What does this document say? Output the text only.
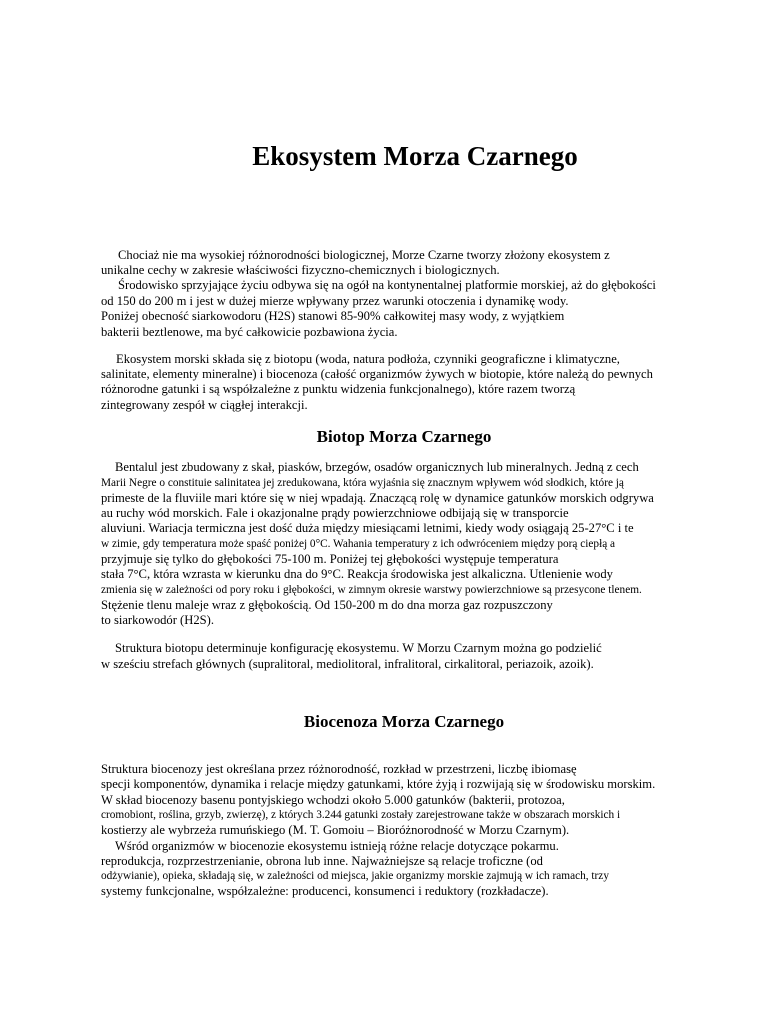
Ekosystem Morza Czarnego
Chociaż nie ma wysokiej różnorodności biologicznej, Morze Czarne tworzy złożony ekosystem z
unikalne cechy w zakresie właściwości fizyczno-chemicznych i biologicznych.
Środowisko sprzyjające życiu odbywa się na ogół na kontynentalnej platformie morskiej, aż do głębokości
od 150 do 200 m i jest w dużej mierze wpływany przez warunki otoczenia i dynamikę wody.
Poniżej obecność siarkowodoru (H2S) stanowi 85-90% całkowitej masy wody, z wyjątkiem
bakterii beztlenowe, ma być całkowicie pozbawiona życia.
Ekosystem morski składa się z biotopu (woda, natura podłoża, czynniki geograficzne i klimatyczne,
salinitate, elementy mineralne) i biocenoza (całość organizmów żywych w biotopie, które należą do pewnych
różnorodne gatunki i są współzależne z punktu widzenia funkcjonalnego), które razem tworzą
zintegrowany zespół w ciągłej interakcji.
Biotop Morza Czarnego
Bentalul jest zbudowany z skał, piasków, brzegów, osadów organicznych lub mineralnych. Jedną z cech
Marii Negre o constituie salinitatea jej zredukowana, która wyjaśnia się znacznym wpływem wód słodkich, które ją
primeste de la fluviile mari które się w niej wpadają. Znaczącą rolę w dynamice gatunków morskich odgrywa
au ruchy wód morskich. Fale i okazjonalne prądy powierzchniowe odbijają się w transporcie
aluviuni. Wariacja termiczna jest dość duża między miesiącami letnimi, kiedy wody osiągają 25-27°C i te
w zimie, gdy temperatura może spaść poniżej 0°C. Wahania temperatury z ich odwróceniem między porą ciepłą a
przyjmuje się tylko do głębokości 75-100 m. Poniżej tej głębokości występuje temperatura
stała 7°C, która wzrasta w kierunku dna do 9°C. Reakcja środowiska jest alkaliczna. Utlenienie wody
zmienia się w zależności od pory roku i głębokości, w zimnym okresie warstwy powierzchniowe są przesycone tlenem.
Stężenie tlenu maleje wraz z głębokością. Od 150-200 m do dna morza gaz rozpuszczony
to siarkowodór (H2S).
Struktura biotopu determinuje konfigurację ekosystemu. W Morzu Czarnym można go podzielić
w sześciu strefach głównych (supralitoral, mediolitoral, infralitoral, cirkalitoral, periazoik, azoik).
Biocenoza Morza Czarnego
Struktura biocenozy jest określana przez różnorodność, rozkład w przestrzeni, liczbę ibiomasę
specji komponentów, dynamika i relacje między gatunkami, które żyją i rozwijają się w środowisku morskim.
W skład biocenozy basenu pontyjskiego wchodzi około 5.000 gatunków (bakterii, protozoa,
cromobiont, roślina, grzyb, zwierzę), z których 3.244 gatunki zostały zarejestrowane także w obszarach morskich i
kostierzy ale wybrzeża rumuńskiego (M. T. Gomoiu – Bioróżnorodność w Morzu Czarnym).
Wśród organizmów w biocenozie ekosystemu istnieją różne relacje dotyczące pokarmu.
reprodukcja, rozprzestrzenianie, obrona lub inne. Najważniejsze są relacje troficzne (od
odżywianie), opieka, składają się, w zależności od miejsca, jakie organizmy morskie zajmują w ich ramach, trzy
systemy funkcjonalne, współzależne: producenci, konsumenci i reduktory (rozkładacze).
